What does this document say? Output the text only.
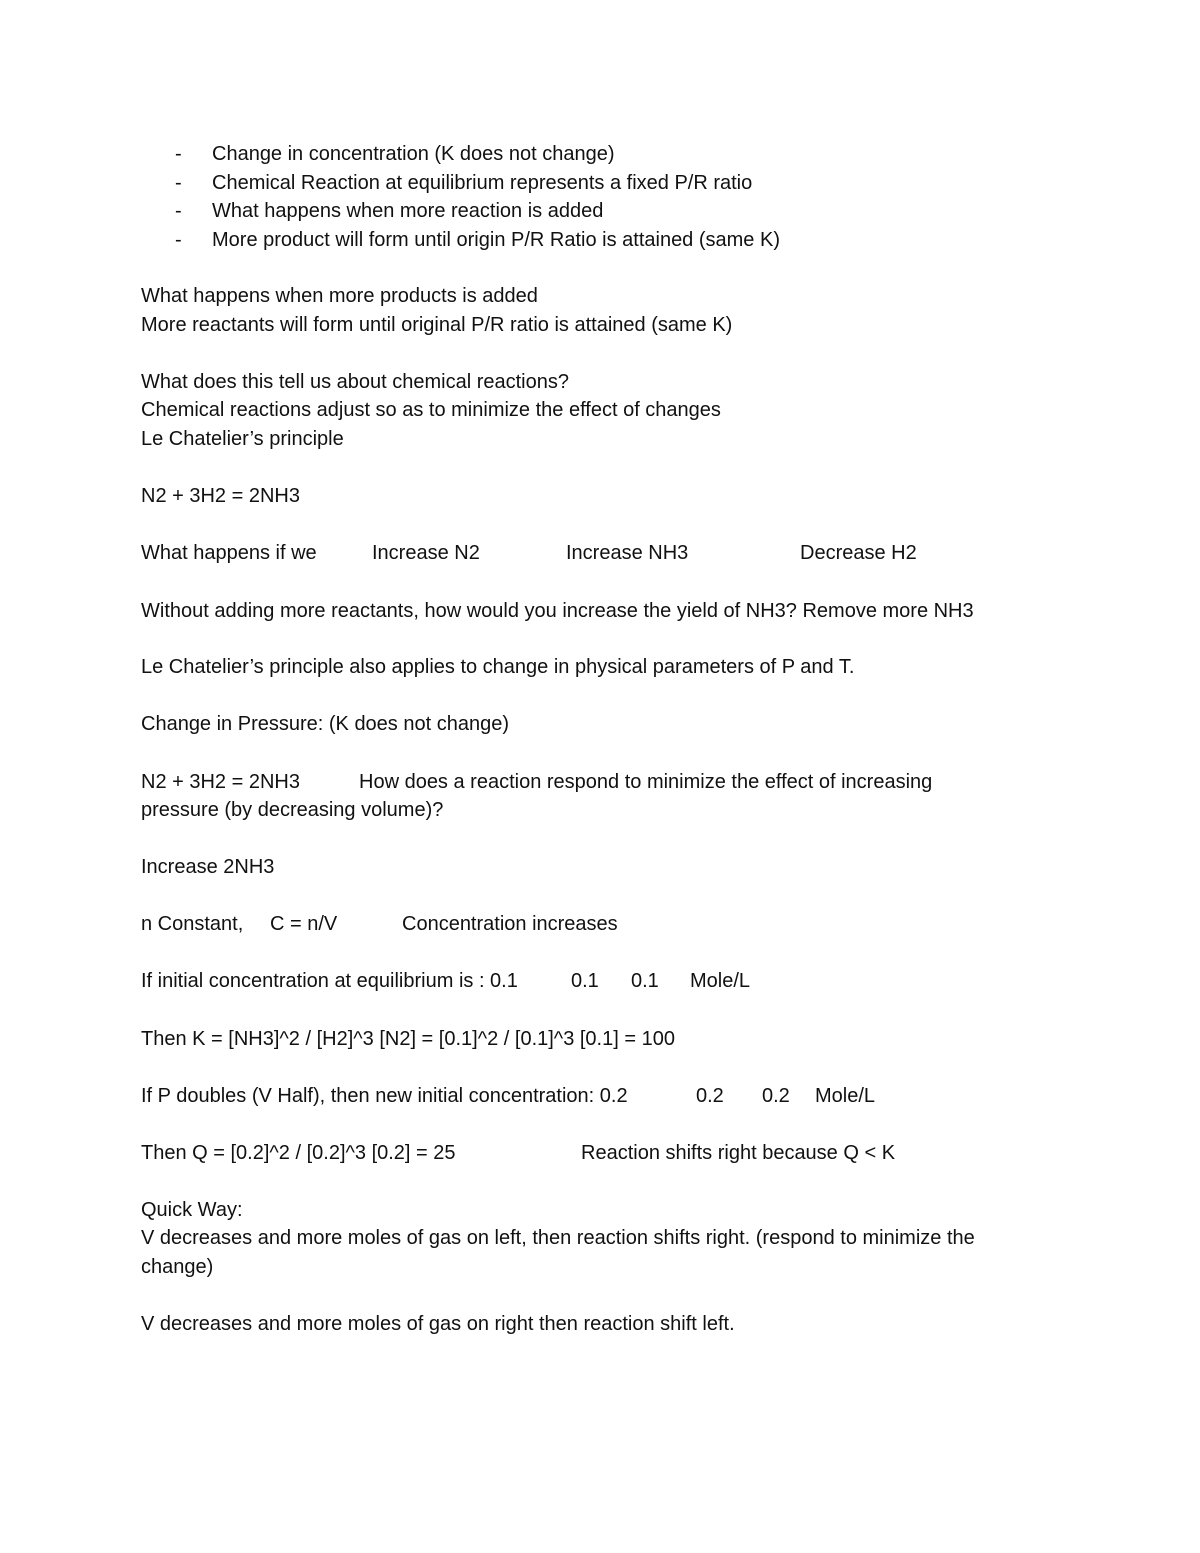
- Change in concentration (K does not change)
- Chemical Reaction at equilibrium represents a fixed P/R ratio
- What happens when more reaction is added
- More product will form until origin P/R Ratio is attained (same K)
What happens when more products is added
More reactants will form until original P/R ratio is attained (same K)
What does this tell us about chemical reactions?
Chemical reactions adjust so as to minimize the effect of changes
Le Chatelier’s principle
N2 + 3H2 = 2NH3
What happens if we	Increase N2	Increase NH3	Decrease H2
Without adding more reactants, how would you increase the yield of NH3? Remove more NH3
Le Chatelier’s principle also applies to change in physical parameters of P and T.
Change in Pressure: (K does not change)
N2 + 3H2 = 2NH3	How does a reaction respond to minimize the effect of increasing
pressure (by decreasing volume)?
Increase 2NH3
n Constant, C = n/V	Concentration increases
If initial concentration at equilibrium is : 0.1	0.1 0.1 Mole/L
Then K = [NH3]^2 / [H2]^3 [N2] = [0.1]^2 / [0.1]^3 [0.1] = 100
If P doubles (V Half), then new initial concentration: 0.2	0.2 0.2 Mole/L
Then Q = [0.2]^2 / [0.2]^3 [0.2] = 25	Reaction shifts right because Q < K
Quick Way:
V decreases and more moles of gas on left, then reaction shifts right. (respond to minimize the
change)
V decreases and more moles of gas on right then reaction shift left.
